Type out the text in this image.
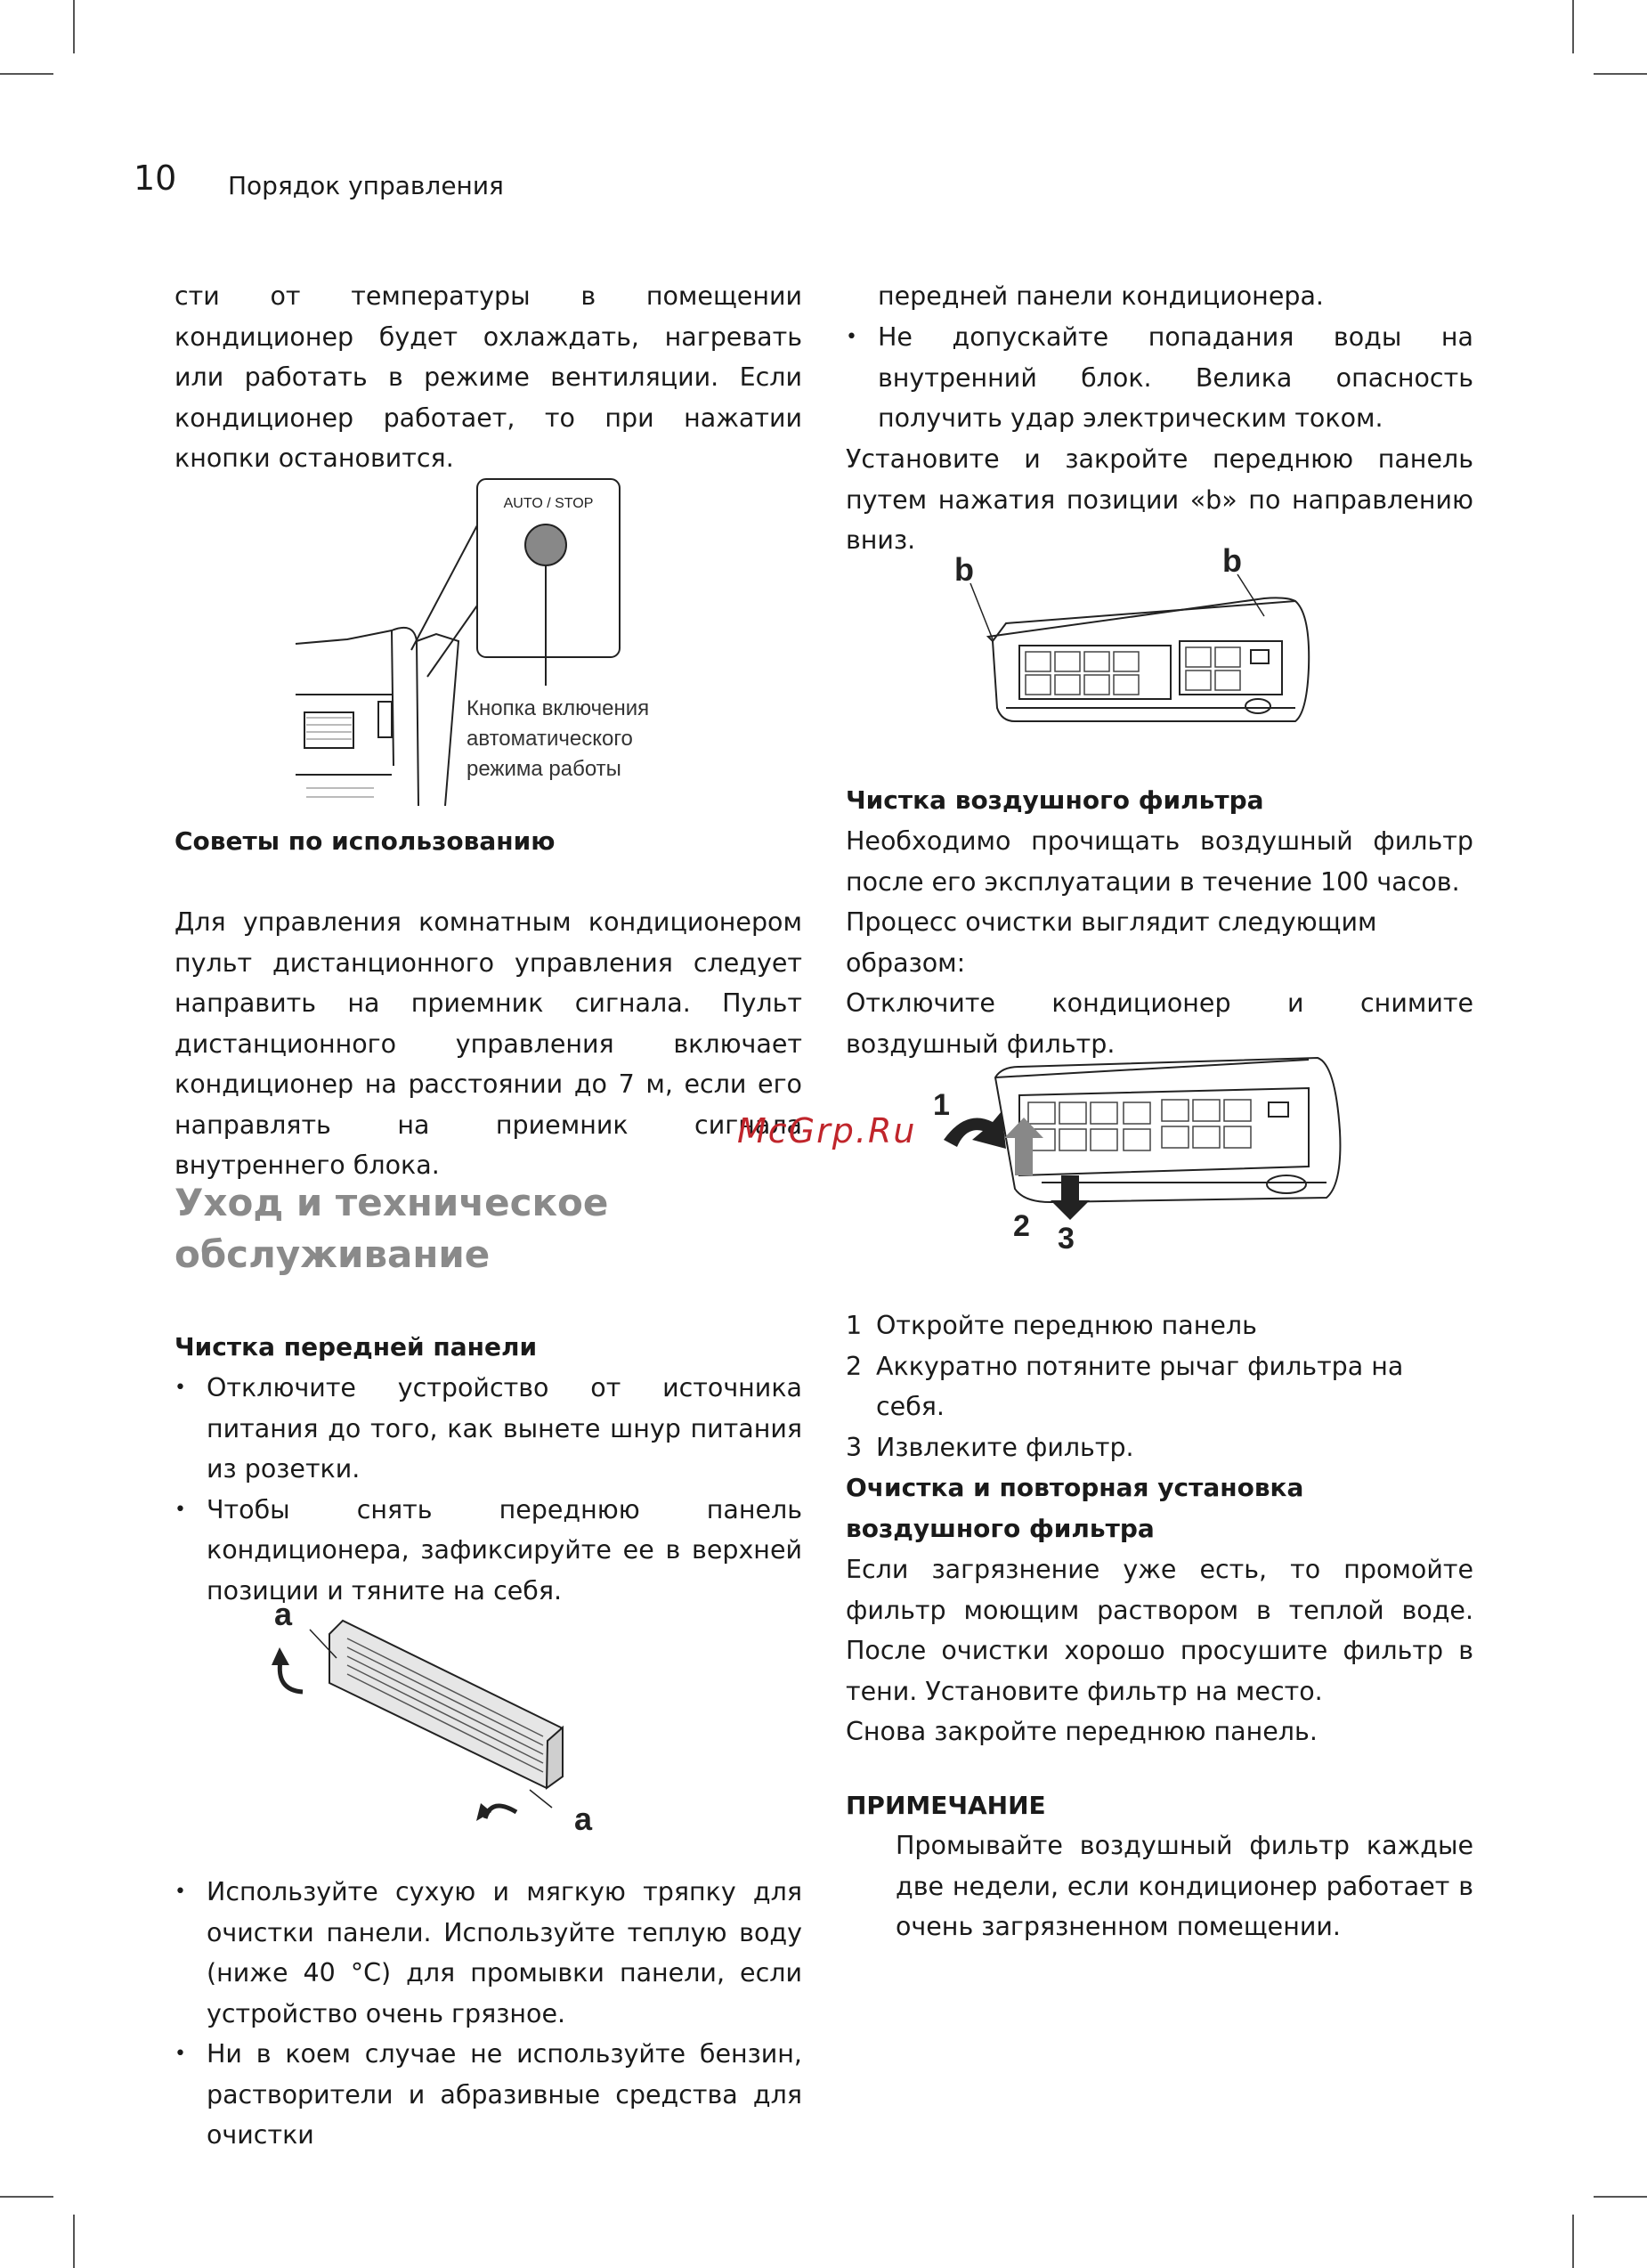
10 Порядок управления
сти от температуры в помещении кондиционер будет охлаждать, нагревать или работать в режиме вентиляции. Если кондиционер работает, то при нажатии кнопки остановится.
AUTO / STOP
Кнопка включения
автоматического
режима работы
Советы по использованию
Для управления комнатным кондиционером пульт дистанционного управления следует направить на приемник сигнала. Пульт дистанционного управления включает кондиционер на расстоянии до 7 м, если его направлять на приемник сигнала внутреннего блока.

Уход и техническое

обслуживание

Чистка передней панели
• Отключите устройство от источника питания до того, как вынете шнур питания из розетки.
• Чтобы снять переднюю панель кондиционера, зафиксируйте ее в верхней позиции и тяните на себя.
a
a
• Используйте сухую и мягкую тряпку для очистки панели. Используйте теплую воду (ниже 40 °C) для промывки панели, если устройство очень грязное.
• Ни в коем случае не используйте бензин, растворители и абразивные средства для очистки
передней панели кондиционера.
• Не допускайте попадания воды на внутренний блок. Велика опасность получить удар электрическим током.
Установите и закройте переднюю панель путем нажатия позиции «b» по направлению вниз.
b	b
Чистка воздушного фильтра

Необходимо прочищать воздушный фильтр после его эксплуатации в течение 100 часов.

Процесс очистки выглядит следующим образом:

Отключите кондиционер и снимите воздушный фильтр.

1
2 3
1 Откройте переднюю панель
2 Аккуратно потяните рычаг фильтра на себя.
3 Извлеките фильтр.
Очистка и повторная установка воздушного фильтра

Если загрязнение уже есть, то промойте фильтр моющим раствором в теплой воде. После очистки хорошо просушите фильтр в тени. Установите фильтр на место.

Снова закройте переднюю панель.

ПРИМЕЧАНИЕ
Промывайте воздушный фильтр каждые две недели, если кондиционер работает в очень загрязненном помещении.
McGrp.Ru
